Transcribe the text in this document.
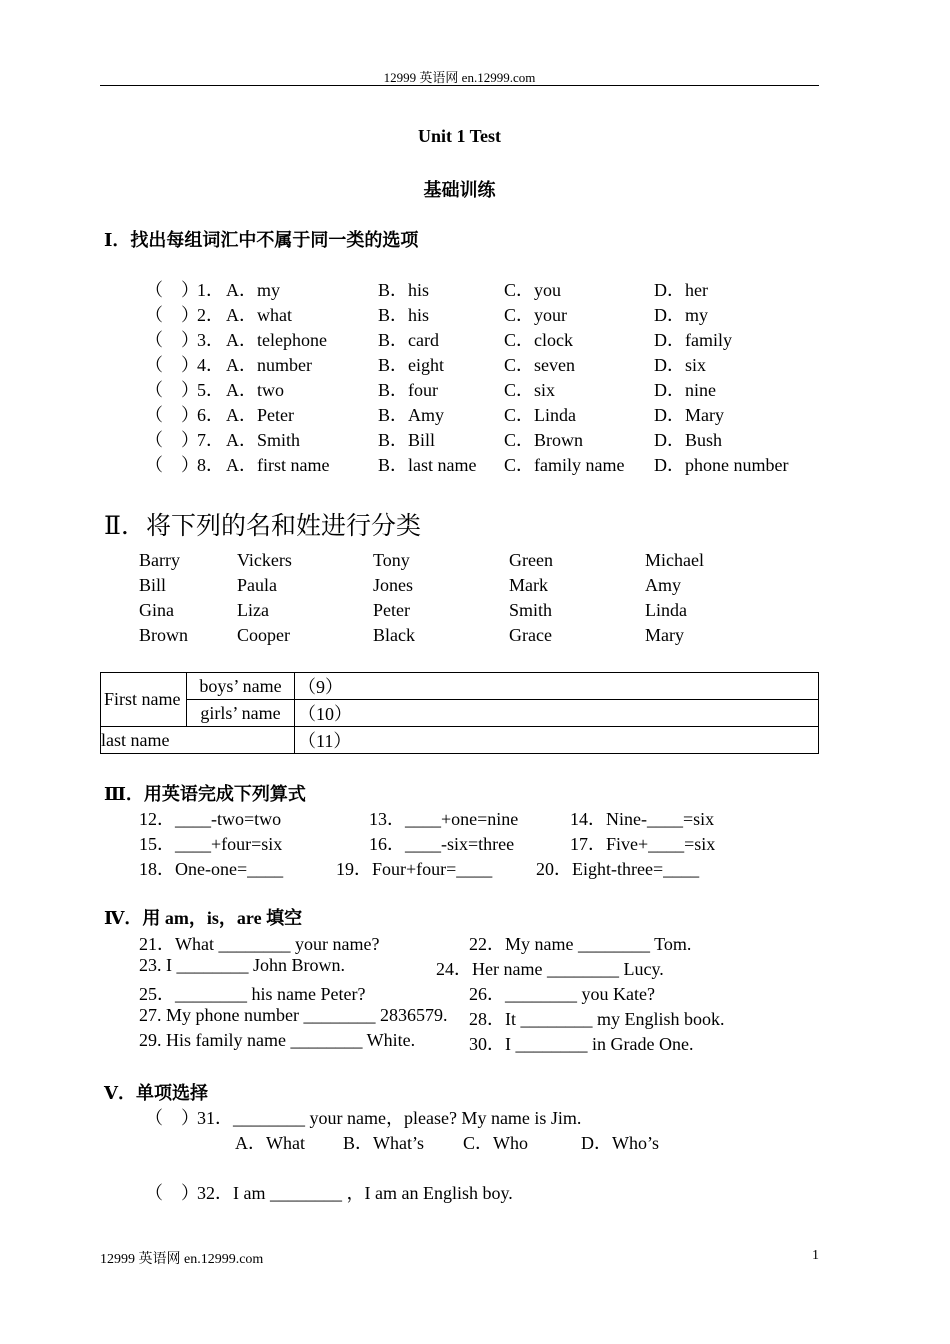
12999 英语网 en.12999.com
Unit 1 Test
基础训练
Ⅰ．找出每组词汇中不属于同一类的选项
（　）
1． A．my	B．his	C．you	D．her
（　）
2． A．what	B．his	C．your	D．my
（　）
3． A．telephone	B．card	C．clock	D．family
（　）
4． A．number	B．eight	C．seven	D．six
（　）
5． A．two	B．four	C．six	D．nine
（　）
6． A．Peter	B．Amy	C．Linda	D．Mary
（　）
7． A．Smith	B．Bill	C．Brown	D．Bush
（　）
8． A．first name	B．last name C．family name D．phone number
Ⅱ．将下列的名和姓进行分类
Barry	Vickers	Tony	Green	Michael
Bill	Paula	Jones	Mark	Amy
Gina	Liza	Peter	Smith	Linda
Brown	Cooper	Black	Grace	Mary
First name	boys’ name	（9）
	girls’ name	（10）
last name		（11）
Ⅲ．用英语完成下列算式
12．____-two=two	13．____+one=nine	14．Nine-____=six
15．____+four=six	16．____-six=three	17．Five+____=six
18．One-one=____	19．Four+four=____ 20．Eight-three=____
Ⅳ．用 am，is，are 填空
21．What ________ your name?	22．My name ________ Tom.
23. I ________ John Brown.	24．Her name ________ Lucy.
25．________ his name Peter?	26．________ you Kate?
27. My phone number ________ 2836579. 28．It ________ my English book.
29. His family name ________ White.	30．I ________ in Grade One.
Ⅴ．单项选择
（　）
31．________ your name，please? My name is Jim.
A．What B．What’s C．Who	D．Who’s
（　）
32．I am ________ ，I am an English boy.
12999 英语网 en.12999.com	1
